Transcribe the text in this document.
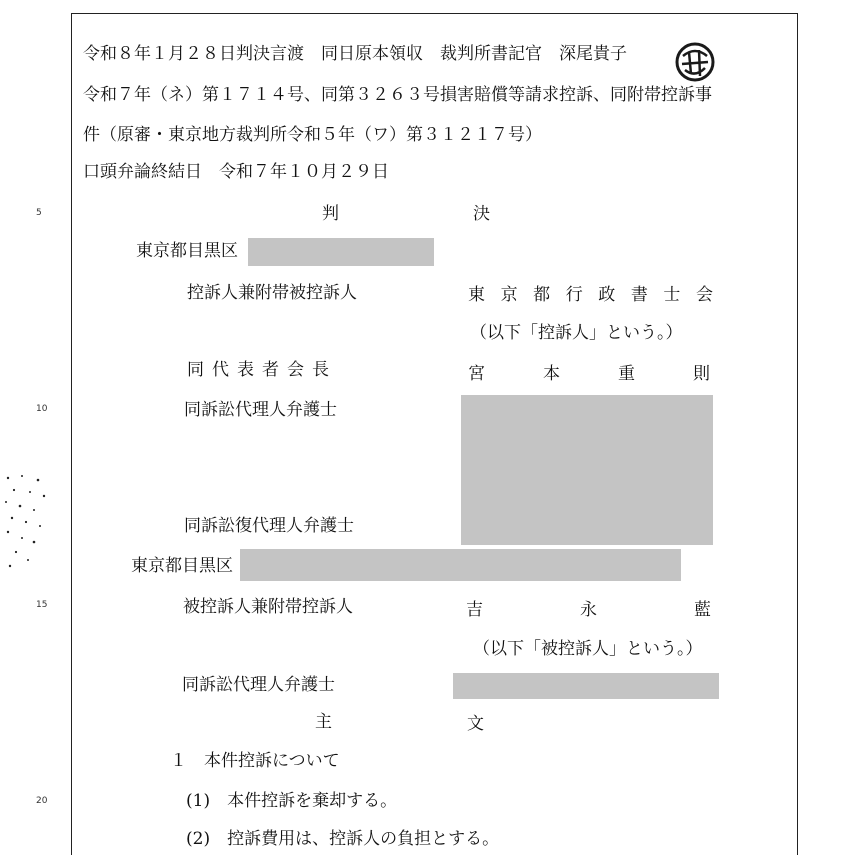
5
10
15
20
令和８年１月２８日判決言渡　同日原本領収　裁判所書記官　深尾貴子
令和７年（ネ）第１７１４号、同第３２６３号損害賠償等請求控訴、同附帯控訴事
件（原審・東京地方裁判所令和５年（ワ）第３１２１７号）
口頭弁論終結日　令和７年１０月２９日
判	決
東京都目黒区
控訴人兼附帯被控訴人	東 京 都 行 政 書 士 会
（以下「控訴人」という。）
同代表者会長	宮	本	重	則
同訴訟代理人弁護士
同訴訟復代理人弁護士
東京都目黒区
被控訴人兼附帯控訴人	吉	永	藍
（以下「被控訴人」という。）
同訴訟代理人弁護士
主	文
１　本件控訴について
(1)　本件控訴を棄却する。
(2)　控訴費用は、控訴人の負担とする。
